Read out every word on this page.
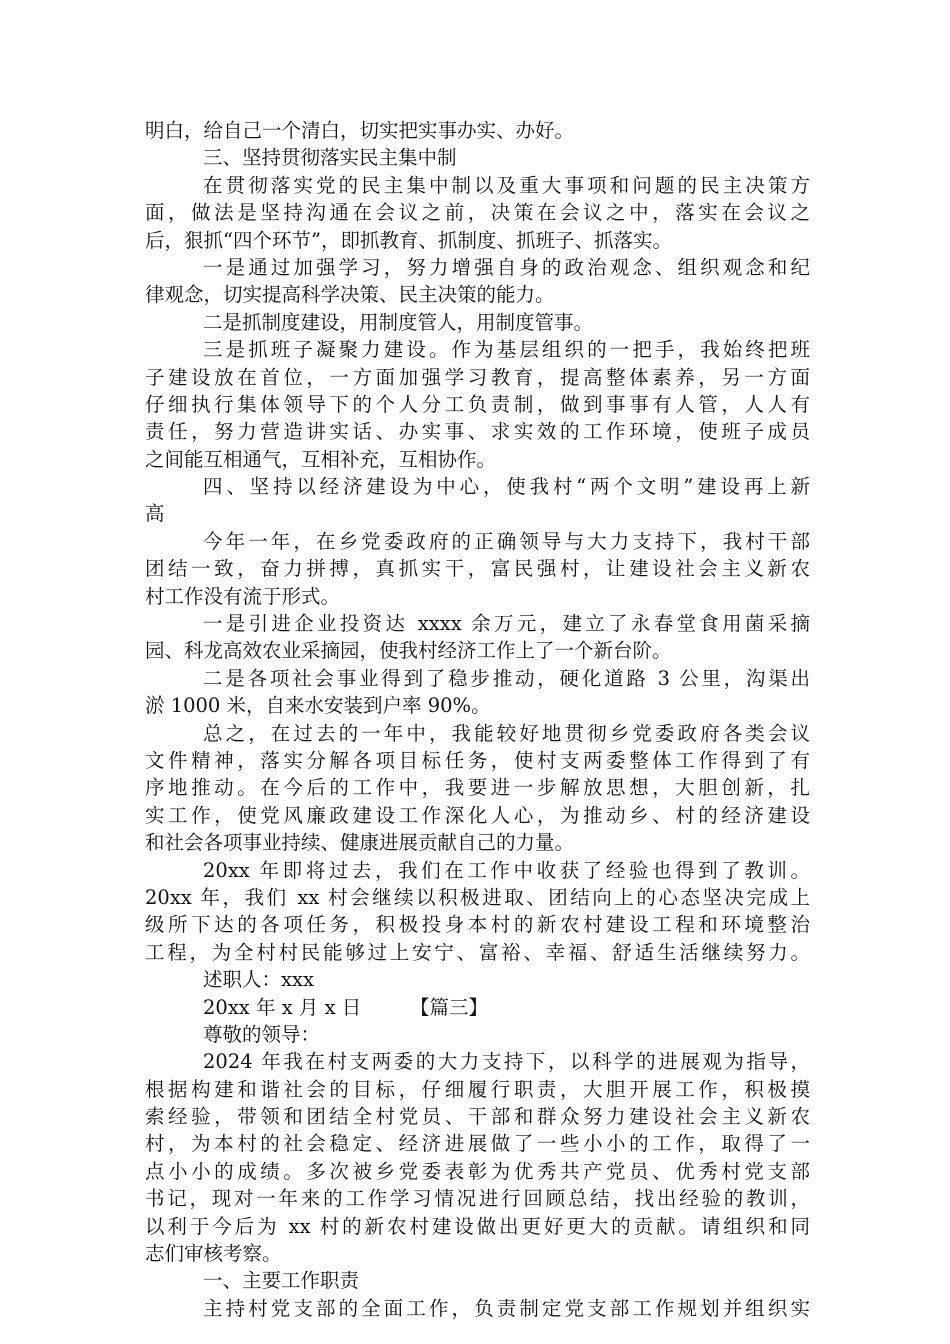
明白，给自己一个清白，切实把实事办实、办好。
三、坚持贯彻落实民主集中制
在贯彻落实党的民主集中制以及重大事项和问题的民主决策方
面，做法是坚持沟通在会议之前，决策在会议之中，落实在会议之
后，狠抓“四个环节”，即抓教育、抓制度、抓班子、抓落实。
一是通过加强学习，努力增强自身的政治观念、组织观念和纪
律观念，切实提高科学决策、民主决策的能力。
二是抓制度建设，用制度管人，用制度管事。
三是抓班子凝聚力建设。作为基层组织的一把手，我始终把班
子建设放在首位，一方面加强学习教育，提高整体素养，另一方面
仔细执行集体领导下的个人分工负责制，做到事事有人管，人人有
责任，努力营造讲实话、办实事、求实效的工作环境，使班子成员
之间能互相通气，互相补充，互相协作。
四、坚持以经济建设为中心，使我村“两个文明”建设再上新
高
今年一年，在乡党委政府的正确领导与大力支持下，我村干部
团结一致，奋力拼搏，真抓实干，富民强村，让建设社会主义新农
村工作没有流于形式。
一是引进企业投资达 xxxx 余万元，建立了永春堂食用菌采摘
园、科龙高效农业采摘园，使我村经济工作上了一个新台阶。
二是各项社会事业得到了稳步推动，硬化道路 3 公里，沟渠出
淤 1000 米，自来水安装到户率 90%。
总之，在过去的一年中，我能较好地贯彻乡党委政府各类会议
文件精神，落实分解各项目标任务，使村支两委整体工作得到了有
序地推动。在今后的工作中，我要进一步解放思想，大胆创新，扎
实工作，使党风廉政建设工作深化人心，为推动乡、村的经济建设
和社会各项事业持续、健康进展贡献自己的力量。
20xx 年即将过去，我们在工作中收获了经验也得到了教训。
20xx 年，我们 xx 村会继续以积极进取、团结向上的心态坚决完成上
级所下达的各项任务，积极投身本村的新农村建设工程和环境整治
工程，为全村村民能够过上安宁、富裕、幸福、舒适生活继续努力。
述职人：xxx
20xx 年 x 月 x 日　　　【篇三】
尊敬的领导：
2024 年我在村支两委的大力支持下，以科学的进展观为指导，
根据构建和谐社会的目标，仔细履行职责，大胆开展工作，积极摸
索经验，带领和团结全村党员、干部和群众努力建设社会主义新农
村，为本村的社会稳定、经济进展做了一些小小的工作，取得了一
点小小的成绩。多次被乡党委表彰为优秀共产党员、优秀村党支部
书记，现对一年来的工作学习情况进行回顾总结，找出经验的教训，
以利于今后为 xx 村的新农村建设做出更好更大的贡献。请组织和同
志们审核考察。
一、主要工作职责
主持村党支部的全面工作，负责制定党支部工作规划并组织实
